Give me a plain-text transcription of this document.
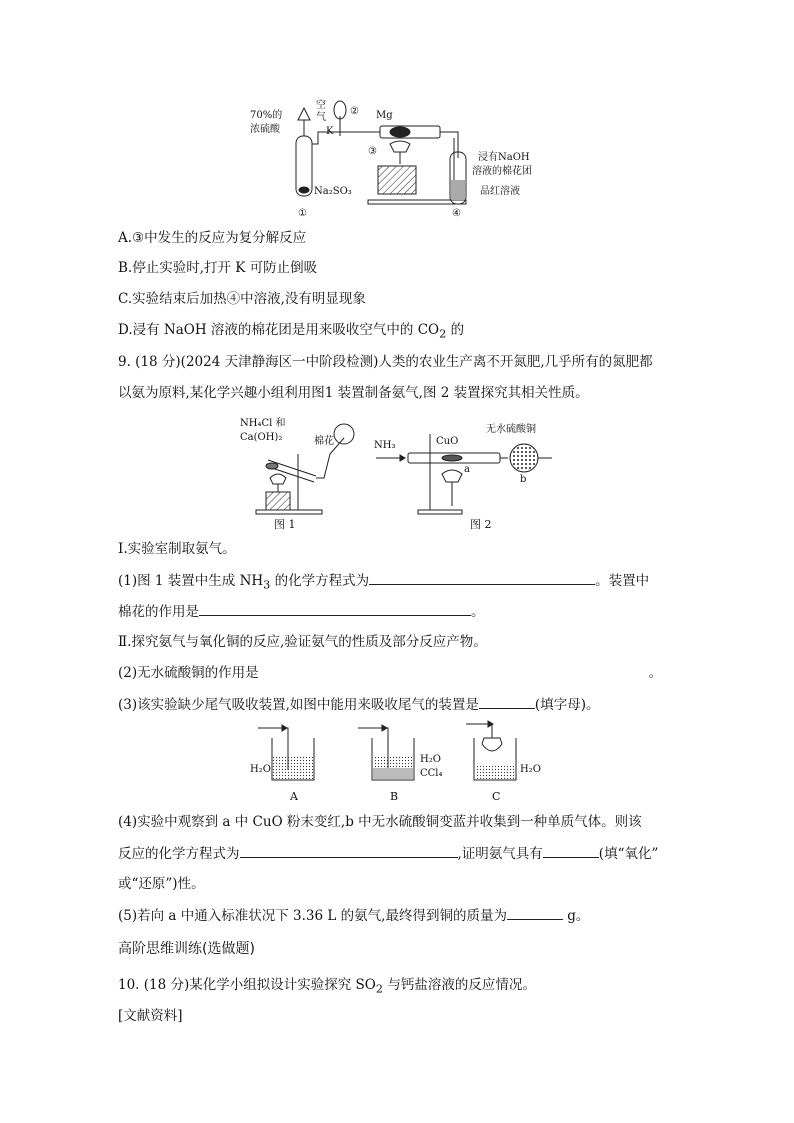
70%的
浓硫酸
空
气
②
K
Mg
③
Na₂SO₃
①	④
浸有NaOH
溶液的棉花团
品红溶液
A.③中发生的反应为复分解反应
B.停止实验时,打开 K 可防止倒吸
C.实验结束后加热④中溶液,没有明显现象
D.浸有 NaOH 溶液的棉花团是用来吸收空气中的 $CO_2$ 的
9. (18 分)(2024 天津静海区一中阶段检测)人类的农业生产离不开氮肥,几乎所有的氮肥都
以氨为原料,某化学兴趣小组利用图1 装置制备氨气,图 2 装置探究其相关性质。
NH₄Cl 和
Ca(OH)₂	棉花
图 1
NH₃	CuO
无水硫酸铜
a
b
图 2
Ⅰ.实验室制取氨气。
(1)图 1 装置中生成 $NH_3$ 的化学方程式为	。装置中
棉花的作用是	。
Ⅱ.探究氨气与氧化铜的反应,验证氨气的性质及部分反应产物。
(2)无水硫酸铜的作用是	。
(3)该实验缺少尾气吸收装置,如图中能用来吸收尾气的装置是	(填字母)。
H₂O
H₂O
CCl₄	H₂O
A	B	C
(4)实验中观察到 a 中 CuO 粉末变红,b 中无水硫酸铜变蓝并收集到一种单质气体。则该
反应的化学方程式为	,证明氨气具有	(填“氧化”
或“还原”)性。
(5)若向 a 中通入标准状况下 3.36 L 的氨气,最终得到铜的质量为	g。
高阶思维训练(选做题)
10. (18 分)某化学小组拟设计实验探究 $SO_2$ 与钙盐溶液的反应情况。
[文献资料]
